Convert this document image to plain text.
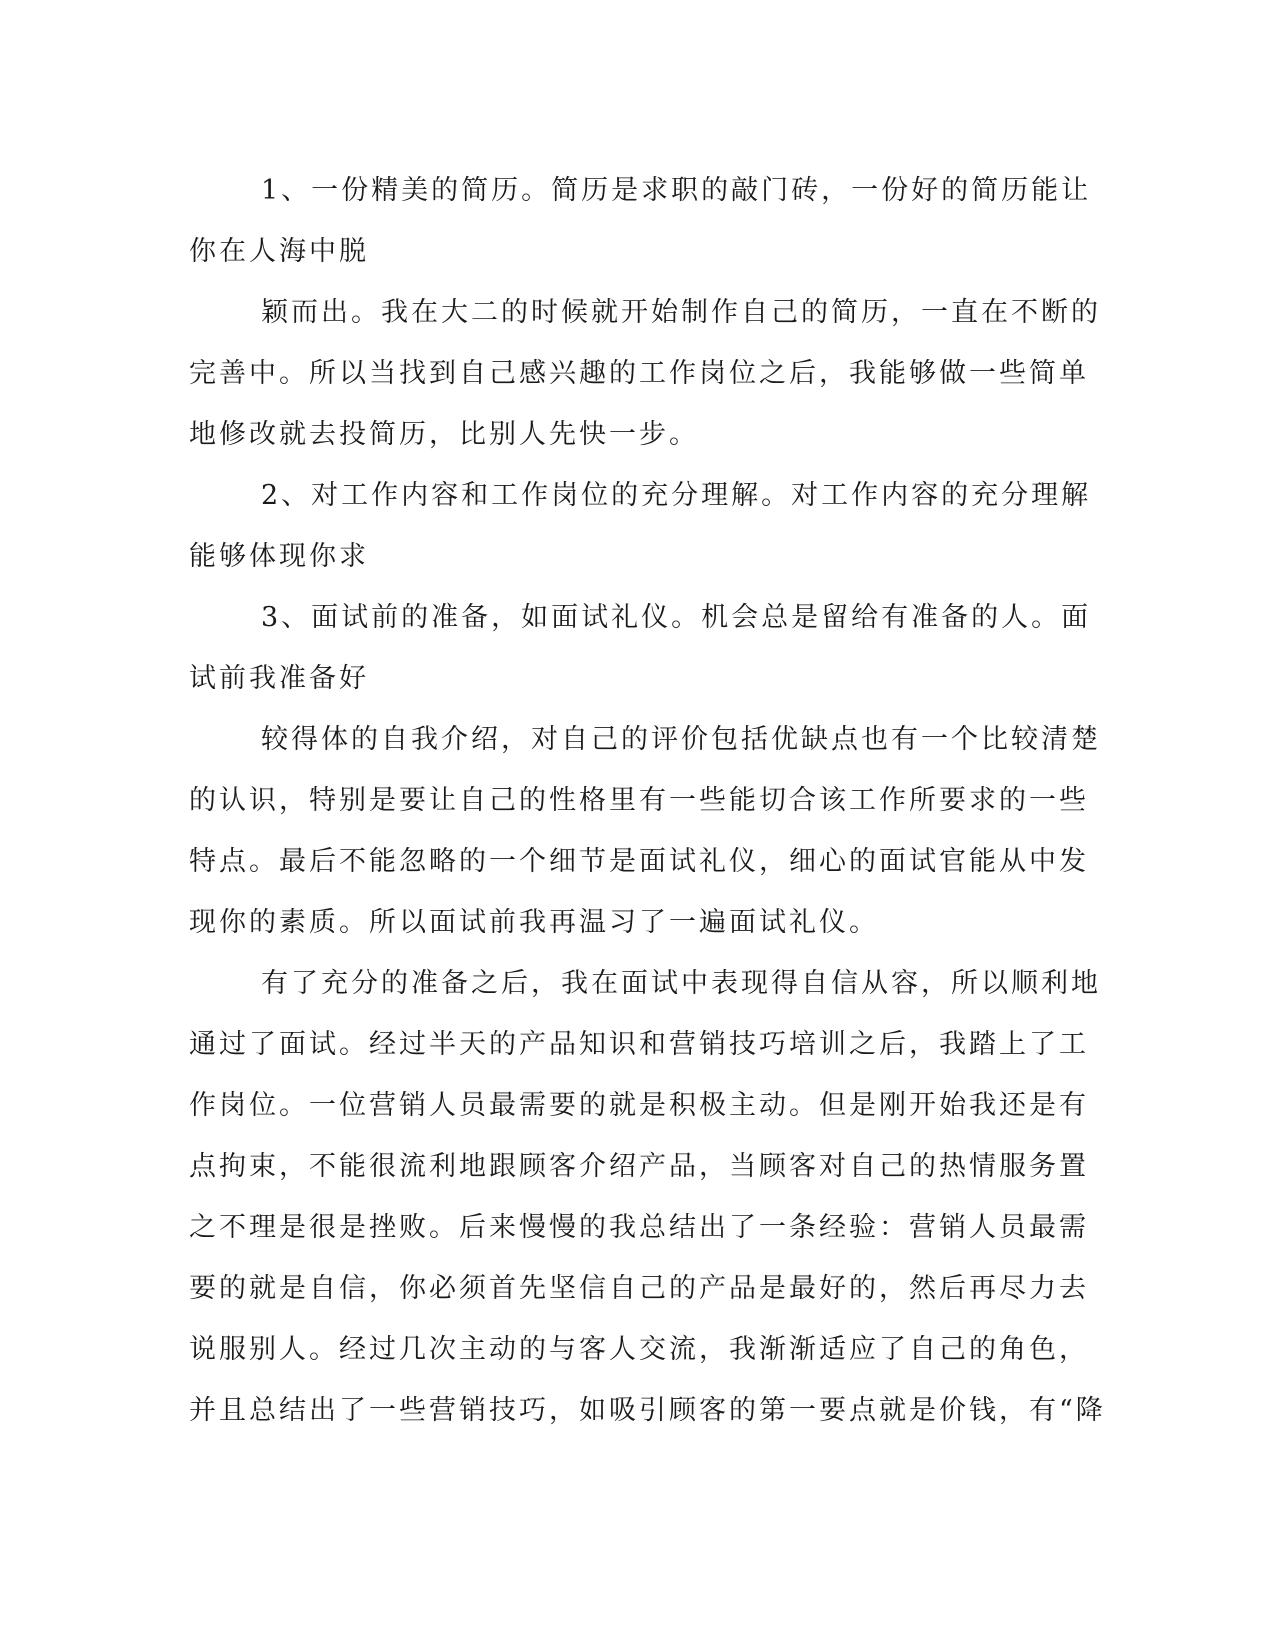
1、一份精美的简历。简历是求职的敲门砖，一份好的简历能让

你在人海中脱

颖而出。我在大二的时候就开始制作自己的简历，一直在不断的

完善中。所以当找到自己感兴趣的工作岗位之后，我能够做一些简单

地修改就去投简历，比别人先快一步。

2、对工作内容和工作岗位的充分理解。对工作内容的充分理解

能够体现你求

3、面试前的准备，如面试礼仪。机会总是留给有准备的人。面

试前我准备好

较得体的自我介绍，对自己的评价包括优缺点也有一个比较清楚

的认识，特别是要让自己的性格里有一些能切合该工作所要求的一些

特点。最后不能忽略的一个细节是面试礼仪，细心的面试官能从中发

现你的素质。所以面试前我再温习了一遍面试礼仪。

有了充分的准备之后，我在面试中表现得自信从容，所以顺利地

通过了面试。经过半天的产品知识和营销技巧培训之后，我踏上了工

作岗位。一位营销人员最需要的就是积极主动。但是刚开始我还是有

点拘束，不能很流利地跟顾客介绍产品，当顾客对自己的热情服务置

之不理是很是挫败。后来慢慢的我总结出了一条经验：营销人员最需

要的就是自信，你必须首先坚信自己的产品是最好的，然后再尽力去

说服别人。经过几次主动的与客人交流，我渐渐适应了自己的角色，

并且总结出了一些营销技巧，如吸引顾客的第一要点就是价钱，有“降
